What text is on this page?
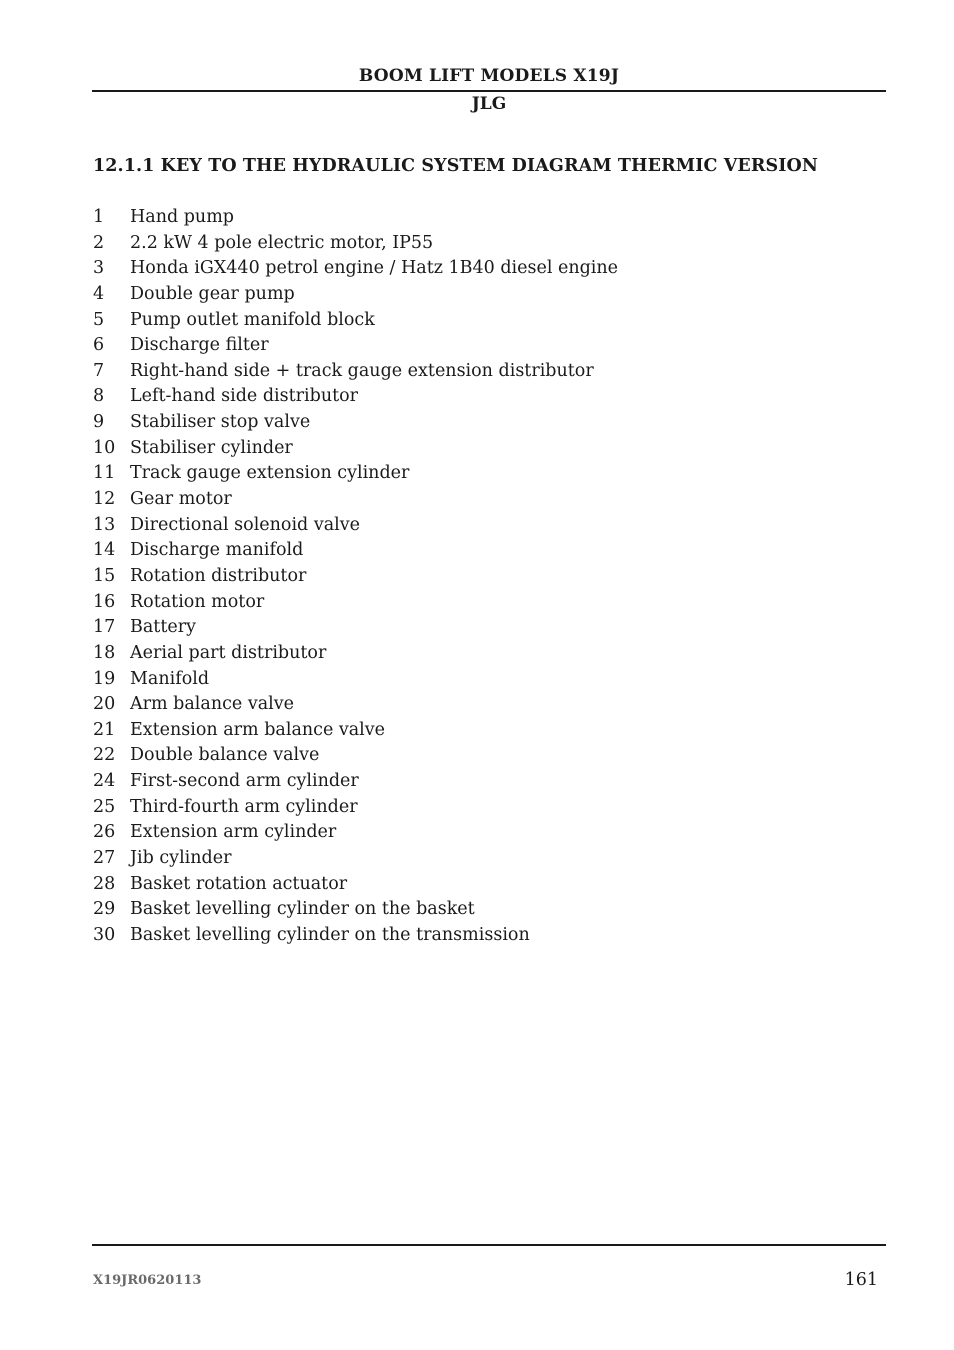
BOOM LIFT MODELS X19J
JLG
12.1.1 KEY TO THE HYDRAULIC SYSTEM DIAGRAM THERMIC VERSION
1	Hand pump
2	2.2 kW 4 pole electric motor, IP55
3	Honda iGX440 petrol engine / Hatz 1B40 diesel engine
4	Double gear pump
5	Pump outlet manifold block
6	Discharge filter
7	Right-hand side + track gauge extension distributor
8	Left-hand side distributor
9	Stabiliser stop valve
10 Stabiliser cylinder
11 Track gauge extension cylinder
12 Gear motor
13 Directional solenoid valve
14 Discharge manifold
15 Rotation distributor
16 Rotation motor
17 Battery
18 Aerial part distributor
19 Manifold
20 Arm balance valve
21 Extension arm balance valve
22 Double balance valve
24 First-second arm cylinder
25 Third-fourth arm cylinder
26 Extension arm cylinder
27 Jib cylinder
28 Basket rotation actuator
29 Basket levelling cylinder on the basket
30 Basket levelling cylinder on the transmission
X19JR0620113	161
